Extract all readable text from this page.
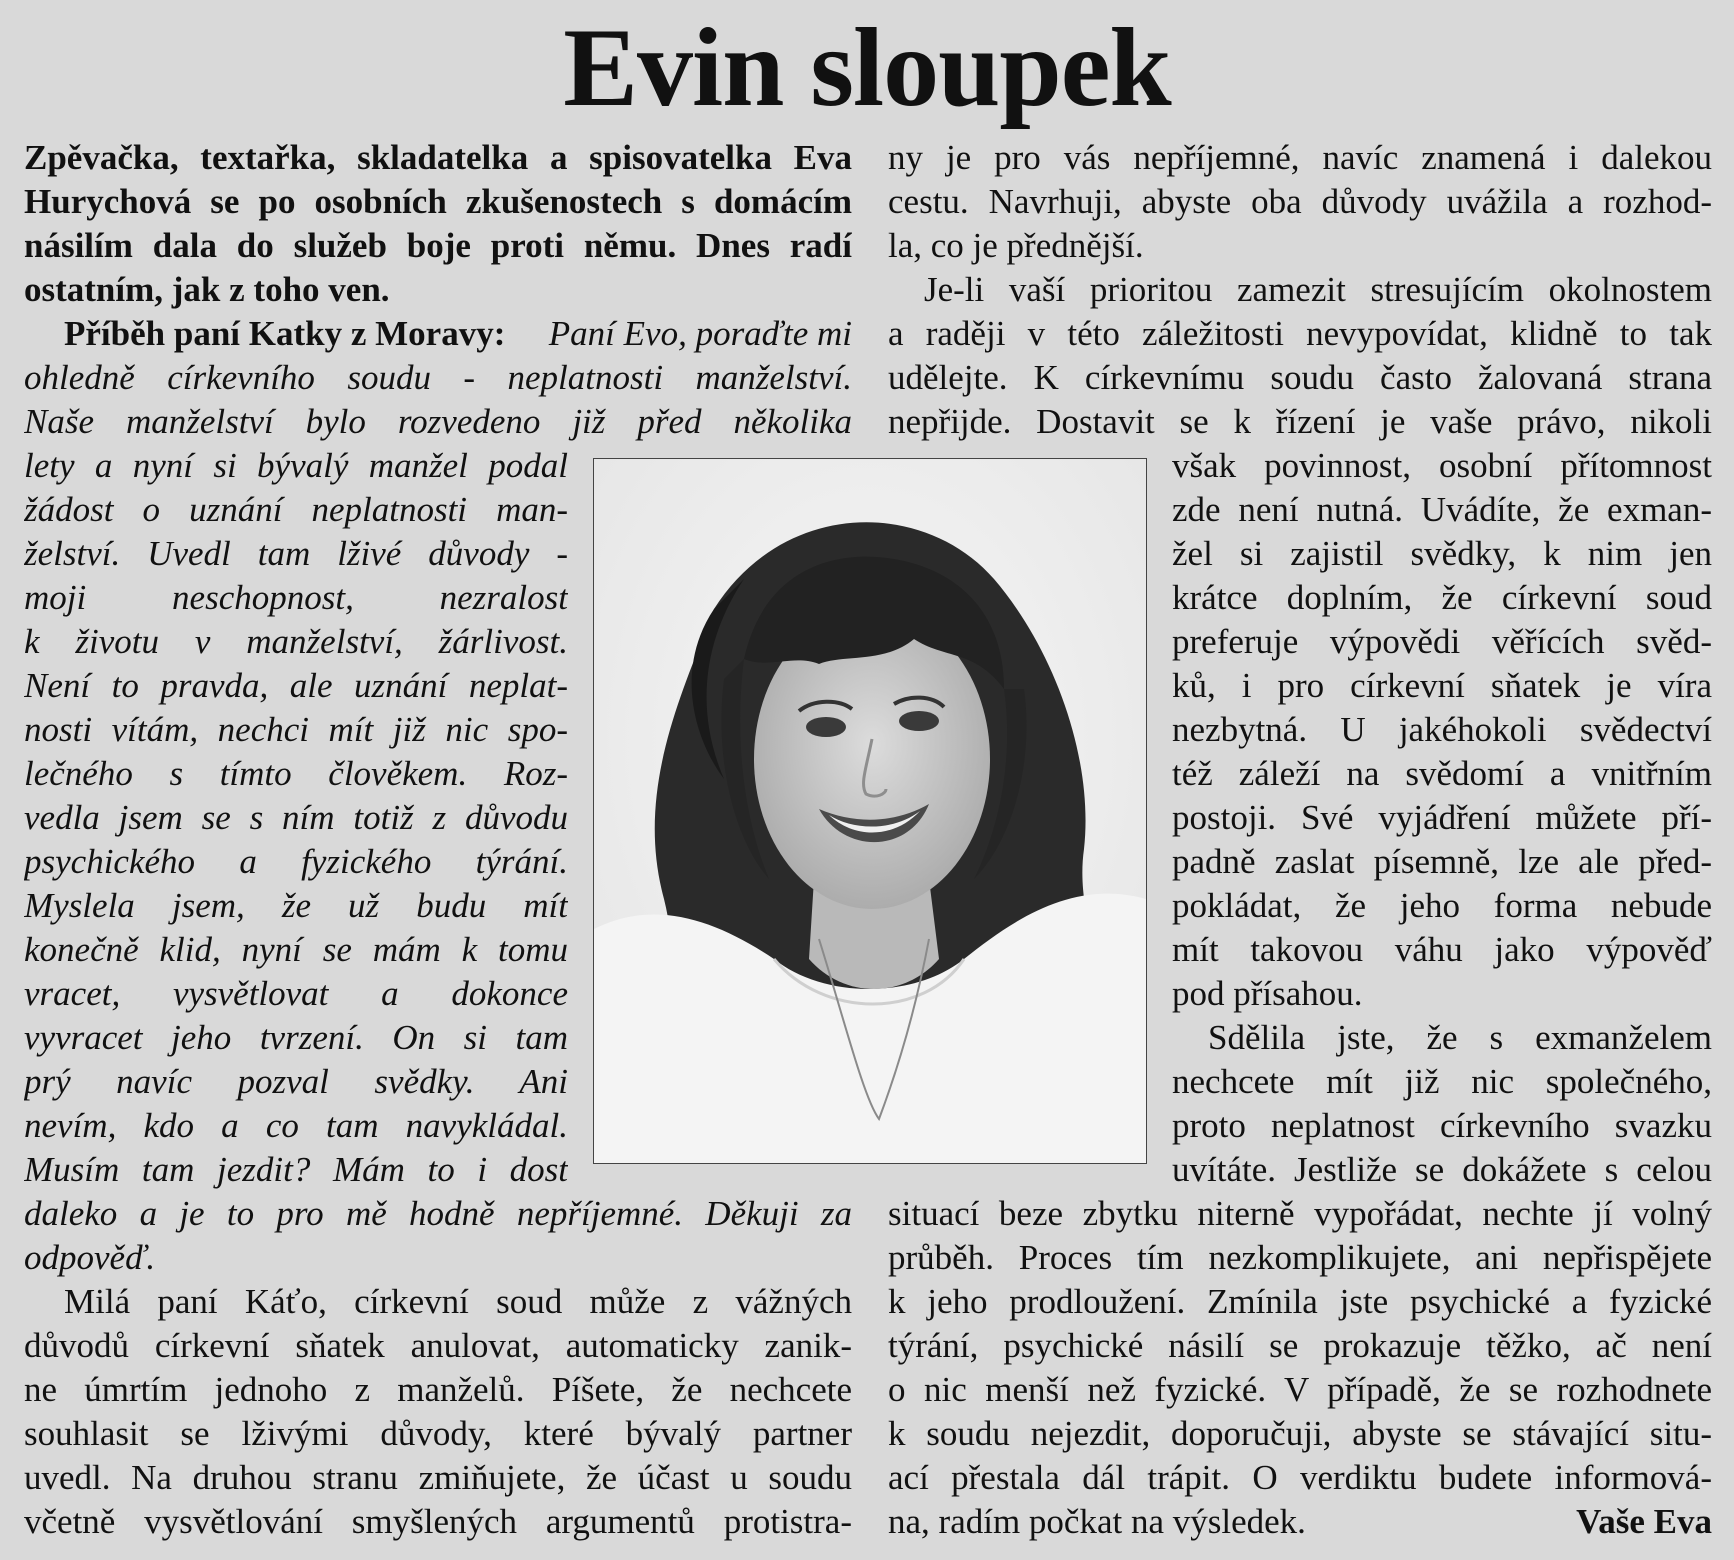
Evin sloupek
Zpěvačka, textařka, skladatelka a spisovatelka Eva
Hurychová se po osobních zkušenostech s domácím
násilím dala do služeb boje proti němu. Dnes radí
ostatním, jak z toho ven.
Příběh paní Katky z Moravy: Paní Evo, poraďte mi
ohledně církevního soudu - neplatnosti manželství.
Naše manželství bylo rozvedeno již před několika
lety a nyní si bývalý manžel podal
žádost o uznání neplatnosti man-
želství. Uvedl tam lživé důvody -
moji neschopnost, nezralost
k životu v manželství, žárlivost.
Není to pravda, ale uznání neplat-
nosti vítám, nechci mít již nic spo-
lečného s tímto člověkem. Roz-
vedla jsem se s ním totiž z důvodu
psychického a fyzického týrání.
Myslela jsem, že už budu mít
konečně klid, nyní se mám k tomu
vracet, vysvětlovat a dokonce
vyvracet jeho tvrzení. On si tam
prý navíc pozval svědky. Ani
nevím, kdo a co tam navykládal.
Musím tam jezdit? Mám to i dost
daleko a je to pro mě hodně nepříjemné. Děkuji za
odpověď.
Milá paní Káťo, církevní soud může z vážných
důvodů církevní sňatek anulovat, automaticky zanik-
ne úmrtím jednoho z manželů. Píšete, že nechcete
souhlasit se lživými důvody, které bývalý partner
uvedl. Na druhou stranu zmiňujete, že účast u soudu
včetně vysvětlování smyšlených argumentů protistra-
ny je pro vás nepříjemné, navíc znamená i dalekou
cestu. Navrhuji, abyste oba důvody uvážila a rozhod-
la, co je přednější.
Je-li vaší prioritou zamezit stresujícím okolnostem
a raději v této záležitosti nevypovídat, klidně to tak
udělejte. K církevnímu soudu často žalovaná strana
nepřijde. Dostavit se k řízení je vaše právo, nikoli
však povinnost, osobní přítomnost
zde není nutná. Uvádíte, že exman-
žel si zajistil svědky, k nim jen
krátce doplním, že církevní soud
preferuje výpovědi věřících svěd-
ků, i pro církevní sňatek je víra
nezbytná. U jakéhokoli svědectví
též záleží na svědomí a vnitřním
postoji. Své vyjádření můžete pří-
padně zaslat písemně, lze ale před-
pokládat, že jeho forma nebude
mít takovou váhu jako výpověď
pod přísahou.
Sdělila jste, že s exmanželem
nechcete mít již nic společného,
proto neplatnost církevního svazku
uvítáte. Jestliže se dokážete s celou
situací beze zbytku niterně vypořádat, nechte jí volný
průběh. Proces tím nezkomplikujete, ani nepřispějete
k jeho prodloužení. Zmínila jste psychické a fyzické
týrání, psychické násilí se prokazuje těžko, ač není
o nic menší než fyzické. V případě, že se rozhodnete
k soudu nejezdit, doporučuji, abyste se stávající situ-
ací přestala dál trápit. O verdiktu budete informová-
na, radím počkat na výsledek.	Vaše Eva
